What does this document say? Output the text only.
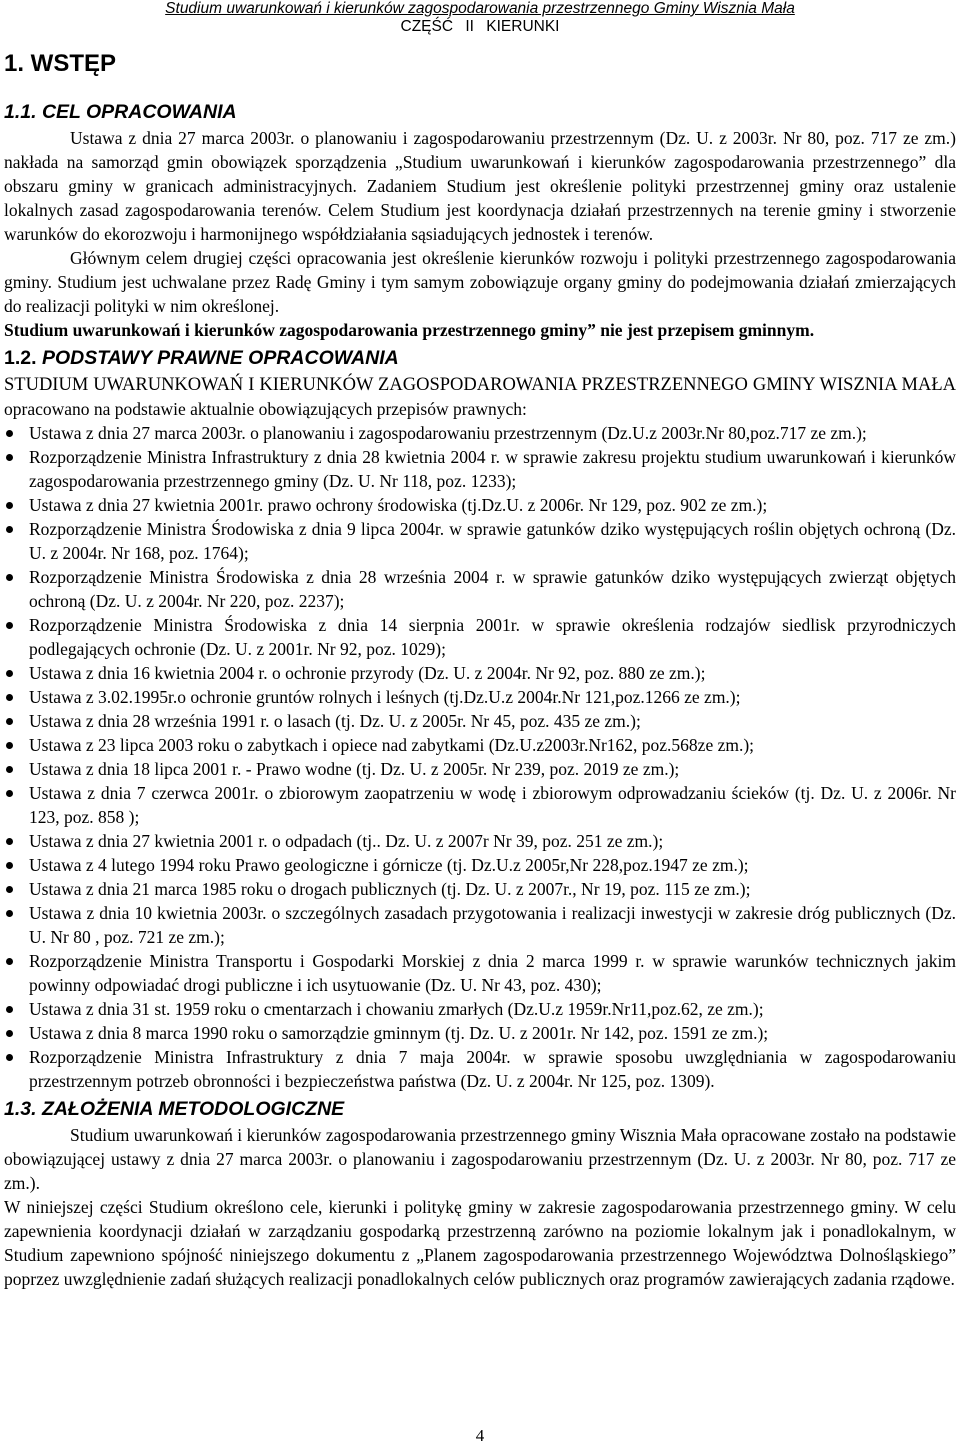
Studium uwarunkowań i kierunków zagospodarowania przestrzennego Gminy Wisznia Mała
CZĘŚĆ II KIERUNKI
1. WSTĘP
1.1. CEL OPRACOWANIA

Ustawa z dnia 27 marca 2003r. o planowaniu i zagospodarowaniu przestrzennym (Dz. U. z 2003r. Nr 80, poz. 717 ze zm.) nakłada na samorząd gmin obowiązek sporządzenia „Studium uwarunkowań i kierunków zagospodarowania przestrzennego” dla obszaru gminy w granicach administracyjnych. Zadaniem Studium jest określenie polityki przestrzennej gminy oraz ustalenie lokalnych zasad zagospodarowania terenów. Celem Studium jest koordynacja działań przestrzennych na terenie gminy i stworzenie warunków do ekorozwoju i harmonijnego współdziałania sąsiadujących jednostek i terenów.

Głównym celem drugiej części opracowania jest określenie kierunków rozwoju i polityki przestrzennego zagospodarowania gminy. Studium jest uchwalane przez Radę Gminy i tym samym zobowiązuje organy gminy do podejmowania działań zmierzających do realizacji polityki w nim określonej.

Studium uwarunkowań i kierunków zagospodarowania przestrzennego gminy” nie jest przepisem gminnym.

1.2. PODSTAWY PRAWNE OPRACOWANIA

STUDIUM UWARUNKOWAŃ I KIERUNKÓW ZAGOSPODAROWANIA PRZESTRZENNEGO GMINY WISZNIA MAŁA opracowano na podstawie aktualnie obowiązujących przepisów prawnych:

Ustawa z dnia 27 marca 2003r. o planowaniu i zagospodarowaniu przestrzennym (Dz.U.z 2003r.Nr 80,poz.717 ze zm.);
Rozporządzenie Ministra Infrastruktury z dnia 28 kwietnia 2004 r. w sprawie zakresu projektu studium uwarunkowań i kierunków zagospodarowania przestrzennego gminy (Dz. U. Nr 118, poz. 1233);
Ustawa z dnia 27 kwietnia 2001r. prawo ochrony środowiska (tj.Dz.U. z 2006r. Nr 129, poz. 902 ze zm.);
Rozporządzenie Ministra Środowiska z dnia 9 lipca 2004r. w sprawie gatunków dziko występujących roślin objętych ochroną (Dz. U. z 2004r. Nr 168, poz. 1764);
Rozporządzenie Ministra Środowiska z dnia 28 września 2004 r. w sprawie gatunków dziko występujących zwierząt objętych ochroną (Dz. U. z 2004r. Nr 220, poz. 2237);
Rozporządzenie Ministra Środowiska z dnia 14 sierpnia 2001r. w sprawie określenia rodzajów siedlisk przyrodniczych podlegających ochronie (Dz. U. z 2001r. Nr 92, poz. 1029);
Ustawa z dnia 16 kwietnia 2004 r. o ochronie przyrody (Dz. U. z 2004r. Nr 92, poz. 880 ze zm.);
Ustawa z 3.02.1995r.o ochronie gruntów rolnych i leśnych (tj.Dz.U.z 2004r.Nr 121,poz.1266 ze zm.);
Ustawa z dnia 28 września 1991 r. o lasach (tj. Dz. U. z 2005r. Nr 45, poz. 435 ze zm.);
Ustawa z 23 lipca 2003 roku o zabytkach i opiece nad zabytkami (Dz.U.z2003r.Nr162, poz.568ze zm.);
Ustawa z dnia 18 lipca 2001 r. - Prawo wodne (tj. Dz. U. z 2005r. Nr 239, poz. 2019 ze zm.);
Ustawa z dnia 7 czerwca 2001r. o zbiorowym zaopatrzeniu w wodę i zbiorowym odprowadzaniu ścieków (tj. Dz. U. z 2006r. Nr 123, poz. 858 );
Ustawa z dnia 27 kwietnia 2001 r. o odpadach (tj.. Dz. U. z 2007r Nr 39, poz. 251 ze zm.);
Ustawa z 4 lutego 1994 roku Prawo geologiczne i górnicze (tj. Dz.U.z 2005r,Nr 228,poz.1947 ze zm.);
Ustawa z dnia 21 marca 1985 roku o drogach publicznych (tj. Dz. U. z 2007r., Nr 19, poz. 115 ze zm.);
Ustawa z dnia 10 kwietnia 2003r. o szczególnych zasadach przygotowania i realizacji inwestycji w zakresie dróg publicznych (Dz. U. Nr 80 , poz. 721 ze zm.);
Rozporządzenie Ministra Transportu i Gospodarki Morskiej z dnia 2 marca 1999 r. w sprawie warunków technicznych jakim powinny odpowiadać drogi publiczne i ich usytuowanie (Dz. U. Nr 43, poz. 430);
Ustawa z dnia 31 st. 1959 roku o cmentarzach i chowaniu zmarłych (Dz.U.z 1959r.Nr11,poz.62, ze zm.);
Ustawa z dnia 8 marca 1990 roku o samorządzie gminnym (tj. Dz. U. z 2001r. Nr 142, poz. 1591 ze zm.);
Rozporządzenie Ministra Infrastruktury z dnia 7 maja 2004r. w sprawie sposobu uwzględniania w zagospodarowaniu przestrzennym potrzeb obronności i bezpieczeństwa państwa (Dz. U. z 2004r. Nr 125, poz. 1309).
1.3. ZAŁOŻENIA METODOLOGICZNE

Studium uwarunkowań i kierunków zagospodarowania przestrzennego gminy Wisznia Mała opracowane zostało na podstawie obowiązującej ustawy z dnia 27 marca 2003r. o planowaniu i zagospodarowaniu przestrzennym (Dz. U. z 2003r. Nr 80, poz. 717 ze zm.).

W niniejszej części Studium określono cele, kierunki i politykę gminy w zakresie zagospodarowania przestrzennego gminy. W celu zapewnienia koordynacji działań w zarządzaniu gospodarką przestrzenną zarówno na poziomie lokalnym jak i ponadlokalnym, w Studium zapewniono spójność niniejszego dokumentu z „Planem zagospodarowania przestrzennego Województwa Dolnośląskiego” poprzez uwzględnienie zadań służących realizacji ponadlokalnych celów publicznych oraz programów zawierających zadania rządowe.

4
